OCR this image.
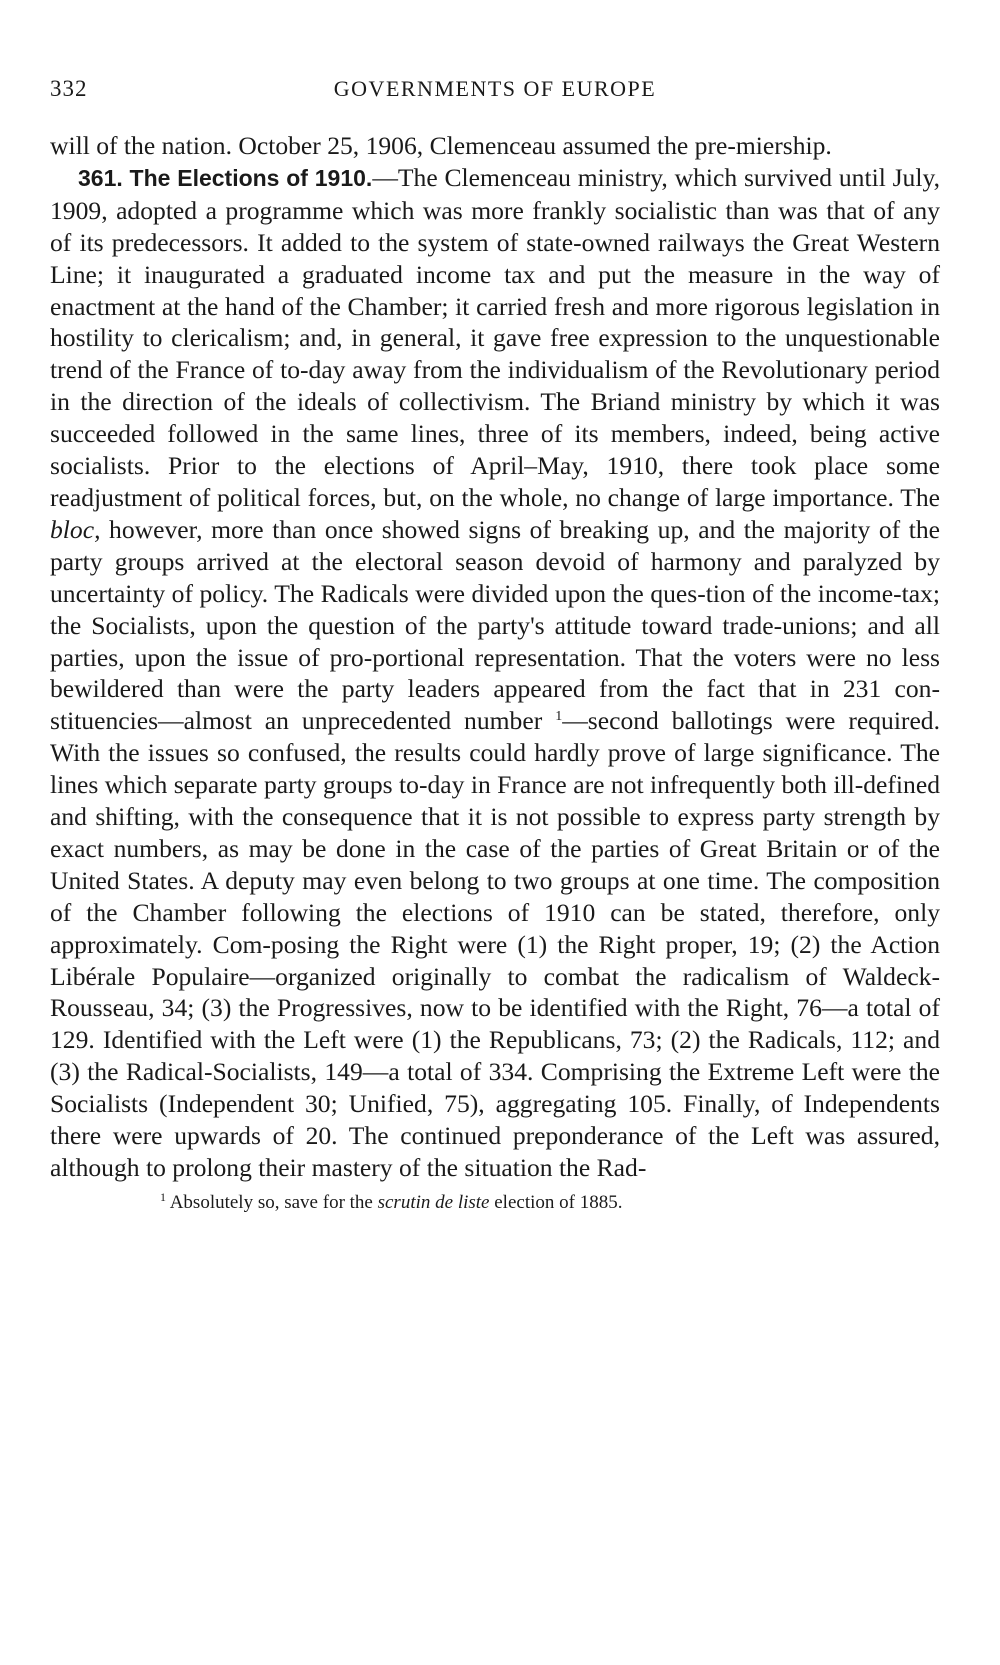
332	GOVERNMENTS OF EUROPE

will of the nation. October 25, 1906, Clemenceau assumed the pre-miership.

361. The Elections of 1910.—The Clemenceau ministry, which survived until July, 1909, adopted a programme which was more frankly socialistic than was that of any of its predecessors. It added to the system of state-owned railways the Great Western Line; it inaugurated a graduated income tax and put the measure in the way of enactment at the hand of the Chamber; it carried fresh and more rigorous legislation in hostility to clericalism; and, in general, it gave free expression to the unquestionable trend of the France of to-day away from the individualism of the Revolutionary period in the direction of the ideals of collectivism. The Briand ministry by which it was succeeded followed in the same lines, three of its members, indeed, being active socialists. Prior to the elections of April–May, 1910, there took place some readjustment of political forces, but, on the whole, no change of large importance. The bloc, however, more than once showed signs of breaking up, and the majority of the party groups arrived at the electoral season devoid of harmony and paralyzed by uncertainty of policy. The Radicals were divided upon the ques-tion of the income-tax; the Socialists, upon the question of the party's attitude toward trade-unions; and all parties, upon the issue of pro-portional representation. That the voters were no less bewildered than were the party leaders appeared from the fact that in 231 con-stituencies—almost an unprecedented number $^1$—second ballotings were required. With the issues so confused, the results could hardly prove of large significance. The lines which separate party groups to-day in France are not infrequently both ill-defined and shifting, with the consequence that it is not possible to express party strength by exact numbers, as may be done in the case of the parties of Great Britain or of the United States. A deputy may even belong to two groups at one time. The composition of the Chamber following the elections of 1910 can be stated, therefore, only approximately. Com-posing the Right were (1) the Right proper, 19; (2) the Action Libérale Populaire—organized originally to combat the radicalism of Waldeck-Rousseau, 34; (3) the Progressives, now to be identified with the Right, 76—a total of 129. Identified with the Left were (1) the Republicans, 73; (2) the Radicals, 112; and (3) the Radical-Socialists, 149—a total of 334. Comprising the Extreme Left were the Socialists (Independent 30; Unified, 75), aggregating 105. Finally, of Independents there were upwards of 20. The continued preponderance of the Left was assured, although to prolong their mastery of the situation the Rad-

$^1$ Absolutely so, save for the scrutin de liste election of 1885.
